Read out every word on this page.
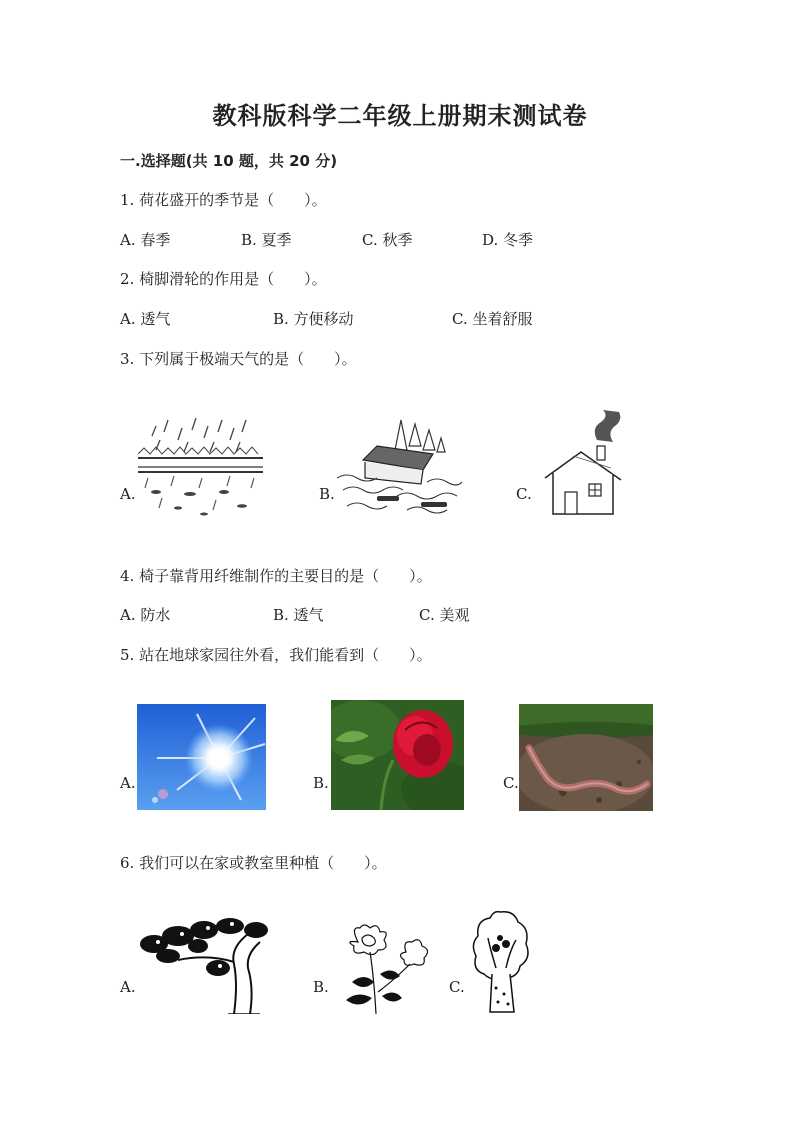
教科版科学二年级上册期末测试卷
一.选择题(共 10 题，共 20 分)
1. 荷花盛开的季节是（　　）。
A. 春季	B. 夏季	C. 秋季	D. 冬季
2. 椅脚滑轮的作用是（　　）。
A. 透气	B. 方便移动	C. 坐着舒服
3. 下列属于极端天气的是（　　）。
A.	B.	C.
4. 椅子靠背用纤维制作的主要目的是（　　）。
A. 防水	B. 透气	C. 美观
5. 站在地球家园往外看，我们能看到（　　）。
A.	B.	C.
6. 我们可以在家或教室里种植（　　）。
A.	B.	C.
